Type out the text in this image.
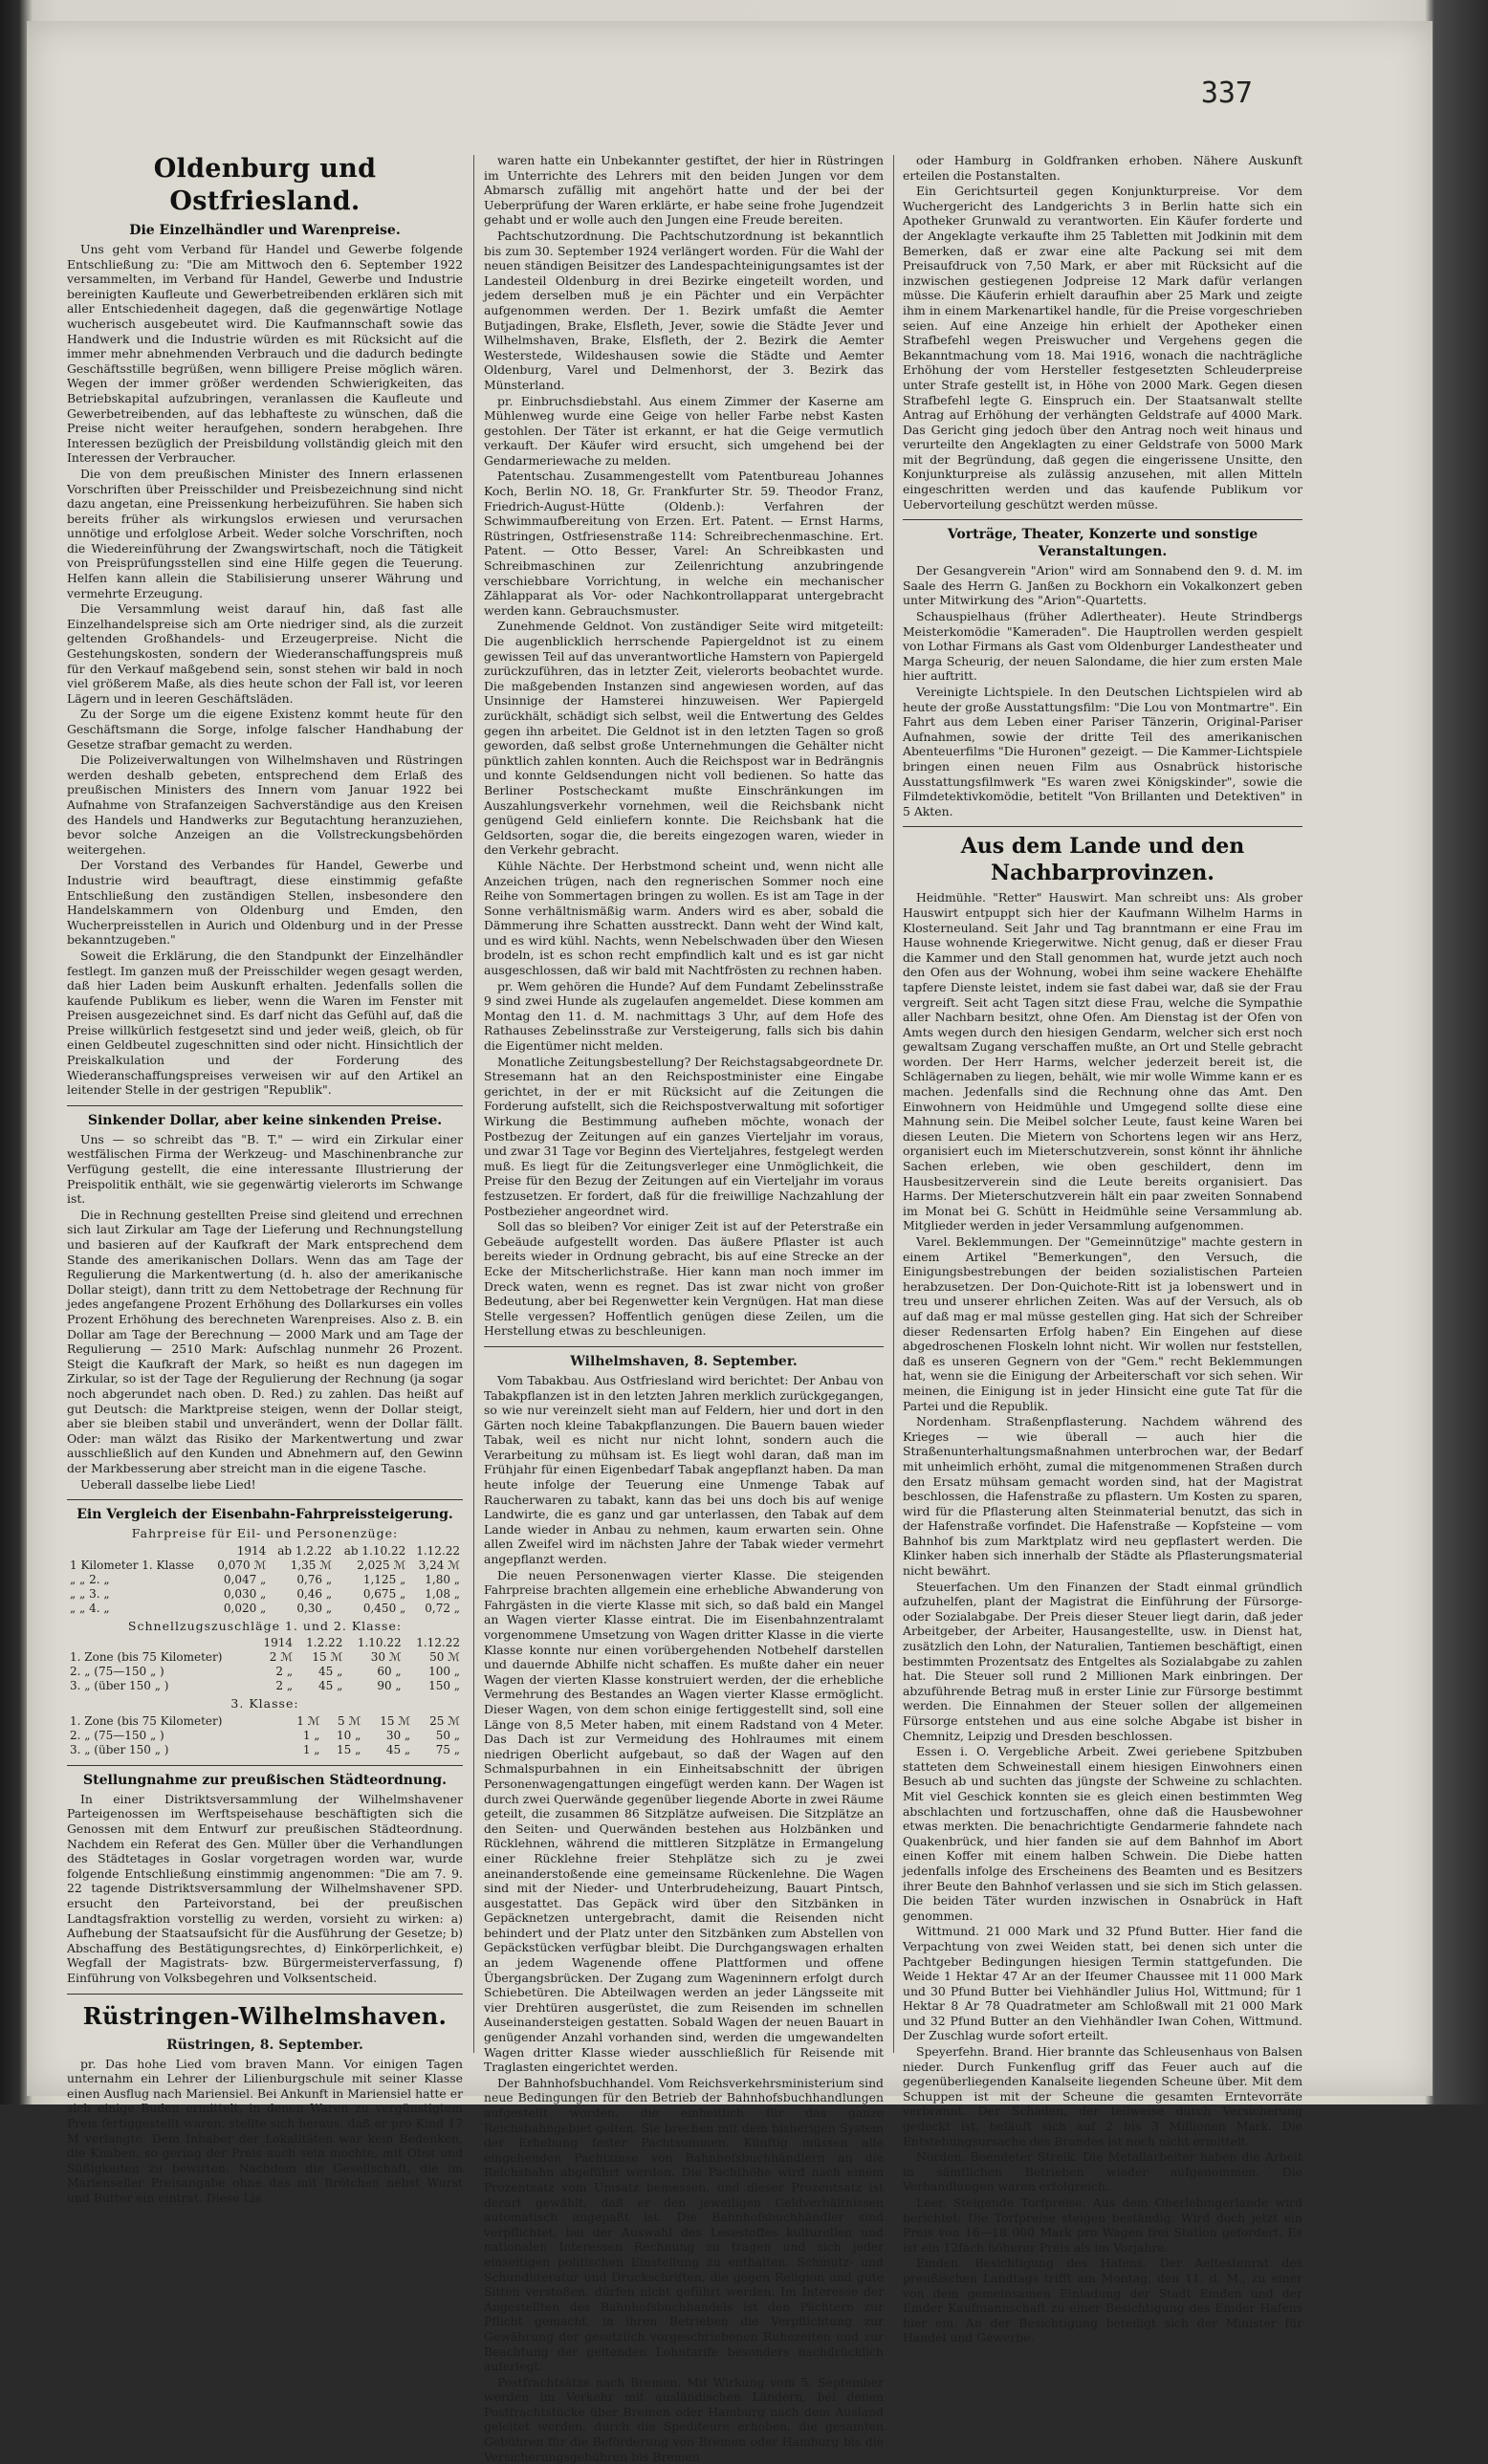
337
Oldenburg und Ostfriesland.
Die Einzelhändler und Warenpreise.

Uns geht vom Verband für Handel und Gewerbe folgende Entschließung zu: "Die am Mittwoch den 6. September 1922 versammelten, im Verband für Handel, Gewerbe und Industrie bereinigten Kaufleute und Gewerbetreibenden erklären sich mit aller Entschiedenheit dagegen, daß die gegenwärtige Notlage wucherisch ausgebeutet wird. Die Kaufmannschaft sowie das Handwerk und die Industrie würden es mit Rücksicht auf die immer mehr abnehmenden Verbrauch und die dadurch bedingte Geschäftsstille begrüßen, wenn billigere Preise möglich wären. Wegen der immer größer werdenden Schwierigkeiten, das Betriebskapital aufzubringen, veranlassen die Kaufleute und Gewerbetreibenden, auf das lebhafteste zu wünschen, daß die Preise nicht weiter heraufgehen, sondern herabgehen. Ihre Interessen bezüglich der Preisbildung vollständig gleich mit den Interessen der Verbraucher.

Die von dem preußischen Minister des Innern erlassenen Vorschriften über Preisschilder und Preisbezeichnung sind nicht dazu angetan, eine Preissenkung herbeizuführen. Sie haben sich bereits früher als wirkungslos erwiesen und verursachen unnötige und erfolglose Arbeit. Weder solche Vorschriften, noch die Wiedereinführung der Zwangswirtschaft, noch die Tätigkeit von Preisprüfungsstellen sind eine Hilfe gegen die Teuerung. Helfen kann allein die Stabilisierung unserer Währung und vermehrte Erzeugung.

Die Versammlung weist darauf hin, daß fast alle Einzelhandelspreise sich am Orte niedriger sind, als die zurzeit geltenden Großhandels- und Erzeugerpreise. Nicht die Gestehungskosten, sondern der Wiederanschaffungspreis muß für den Verkauf maßgebend sein, sonst stehen wir bald in noch viel größerem Maße, als dies heute schon der Fall ist, vor leeren Lägern und in leeren Geschäftsläden.

Zu der Sorge um die eigene Existenz kommt heute für den Geschäftsmann die Sorge, infolge falscher Handhabung der Gesetze strafbar gemacht zu werden.

Die Polizeiverwaltungen von Wilhelmshaven und Rüstringen werden deshalb gebeten, entsprechend dem Erlaß des preußischen Ministers des Innern vom Januar 1922 bei Aufnahme von Strafanzeigen Sachverständige aus den Kreisen des Handels und Handwerks zur Begutachtung heranzuziehen, bevor solche Anzeigen an die Vollstreckungsbehörden weitergehen.

Der Vorstand des Verbandes für Handel, Gewerbe und Industrie wird beauftragt, diese einstimmig gefaßte Entschließung den zuständigen Stellen, insbesondere den Handelskammern von Oldenburg und Emden, den Wucherpreisstellen in Aurich und Oldenburg und in der Presse bekanntzugeben."

Soweit die Erklärung, die den Standpunkt der Einzelhändler festlegt. Im ganzen muß der Preisschilder wegen gesagt werden, daß hier Laden beim Auskunft erhalten. Jedenfalls sollen die kaufende Publikum es lieber, wenn die Waren im Fenster mit Preisen ausgezeichnet sind. Es darf nicht das Gefühl auf, daß die Preise willkürlich festgesetzt sind und jeder weiß, gleich, ob für einen Geldbeutel zugeschnitten sind oder nicht. Hinsichtlich der Preiskalkulation und der Forderung des Wiederanschaffungspreises verweisen wir auf den Artikel an leitender Stelle in der gestrigen "Republik".

Sinkender Dollar, aber keine sinkenden Preise.

Uns — so schreibt das "B. T." — wird ein Zirkular einer westfälischen Firma der Werkzeug- und Maschinenbranche zur Verfügung gestellt, die eine interessante Illustrierung der Preispolitik enthält, wie sie gegenwärtig vielerorts im Schwange ist.

Die in Rechnung gestellten Preise sind gleitend und errechnen sich laut Zirkular am Tage der Lieferung und Rechnungstellung und basieren auf der Kaufkraft der Mark entsprechend dem Stande des amerikanischen Dollars. Wenn das am Tage der Regulierung die Markentwertung (d. h. also der amerikanische Dollar steigt), dann tritt zu dem Nettobetrage der Rechnung für jedes angefangene Prozent Erhöhung des Dollarkurses ein volles Prozent Erhöhung des berechneten Warenpreises. Also z. B. ein Dollar am Tage der Berechnung — 2000 Mark und am Tage der Regulierung — 2510 Mark: Aufschlag nunmehr 26 Prozent. Steigt die Kaufkraft der Mark, so heißt es nun dagegen im Zirkular, so ist der Tage der Regulierung der Rechnung (ja sogar noch abgerundet nach oben. D. Red.) zu zahlen. Das heißt auf gut Deutsch: die Marktpreise steigen, wenn der Dollar steigt, aber sie bleiben stabil und unverändert, wenn der Dollar fällt. Oder: man wälzt das Risiko der Markentwertung und zwar ausschließlich auf den Kunden und Abnehmern auf, den Gewinn der Markbesserung aber streicht man in die eigene Tasche.

Ueberall dasselbe liebe Lied!

Ein Vergleich der Eisenbahn-Fahrpreissteigerung.
Fahrpreise für Eil- und Personenzüge:
	1914	ab 1.2.22	ab 1.10.22	1.12.22
1 Kilometer 1. Klasse	0,070 ℳ	1,35 ℳ	2,025 ℳ	3,24 ℳ
„ „ 2. „	0,047 „	0,76 „	1,125 „	1,80 „
„ „ 3. „	0,030 „	0,46 „	0,675 „	1,08 „
„ „ 4. „	0,020 „	0,30 „	0,450 „	0,72 „
Schnellzugszuschläge 1. und 2. Klasse:
	1914	1.2.22	1.10.22	1.12.22
1. Zone (bis 75 Kilometer)	2 ℳ	15 ℳ	30 ℳ	50 ℳ
2. „ (75—150 „ )	2 „	45 „	60 „	100 „
3. „ (über 150 „ )	2 „	45 „	90 „	150 „
3. Klasse:
1. Zone (bis 75 Kilometer)	1 ℳ	5 ℳ	15 ℳ	25 ℳ
2. „ (75—150 „ )	1 „	10 „	30 „	50 „
3. „ (über 150 „ )	1 „	15 „	45 „	75 „
Stellungnahme zur preußischen Städteordnung.

In einer Distriktsversammlung der Wilhelmshavener Parteigenossen im Werftspeisehause beschäftigten sich die Genossen mit dem Entwurf zur preußischen Städteordnung. Nachdem ein Referat des Gen. Müller über die Verhandlungen des Städtetages in Goslar vorgetragen worden war, wurde folgende Entschließung einstimmig angenommen: "Die am 7. 9. 22 tagende Distriktsversammlung der Wilhelmshavener SPD. ersucht den Parteivorstand, bei der preußischen Landtagsfraktion vorstellig zu werden, vorsieht zu wirken: a) Aufhebung der Staatsaufsicht für die Ausführung der Gesetze; b) Abschaffung des Bestätigungsrechtes, d) Einkörperlichkeit, e) Wegfall der Magistrats- bzw. Bürgermeisterverfassung, f) Einführung von Volksbegehren und Volksentscheid.

Rüstringen-Wilhelmshaven.
Rüstringen, 8. September.

pr. Das hohe Lied vom braven Mann. Vor einigen Tagen unternahm ein Lehrer der Lilienburgschule mit seiner Klasse einen Ausflug nach Mariensiel. Bei Ankunft in Mariensiel hatte er sich einige Buden ermittelt, in denen Waren zu vergünstigtem Preis fertiggestellt waren, stellte sich heraus, daß er pro Kind 17 M verlangte. Dem Inhaber der Lokalitäten war kein Bedenken, die Knaben, so gering der Preis auch sein mochte, mit Obst und Süßigkeiten zu bewirten. Nachdem die Gesellschaft, die im Marienseller Preisangabe ohne das mit Brötchen nebst Wurst und Butter ein eintrat. Diese Lis

waren hatte ein Unbekannter gestiftet, der hier in Rüstringen im Unterrichte des Lehrers mit den beiden Jungen vor dem Abmarsch zufällig mit angehört hatte und der bei der Ueberprüfung der Waren erklärte, er habe seine frohe Jugendzeit gehabt und er wolle auch den Jungen eine Freude bereiten.

Pachtschutzordnung. Die Pachtschutzordnung ist bekanntlich bis zum 30. September 1924 verlängert worden. Für die Wahl der neuen ständigen Beisitzer des Landespachteinigungsamtes ist der Landesteil Oldenburg in drei Bezirke eingeteilt worden, und jedem derselben muß je ein Pächter und ein Verpächter aufgenommen werden. Der 1. Bezirk umfaßt die Aemter Butjadingen, Brake, Elsfleth, Jever, sowie die Städte Jever und Wilhelmshaven, Brake, Elsfleth, der 2. Bezirk die Aemter Westerstede, Wildeshausen sowie die Städte und Aemter Oldenburg, Varel und Delmenhorst, der 3. Bezirk das Münsterland.

pr. Einbruchsdiebstahl. Aus einem Zimmer der Kaserne am Mühlenweg wurde eine Geige von heller Farbe nebst Kasten gestohlen. Der Täter ist erkannt, er hat die Geige vermutlich verkauft. Der Käufer wird ersucht, sich umgehend bei der Gendarmeriewache zu melden.

Patentschau. Zusammengestellt vom Patentbureau Johannes Koch, Berlin NO. 18, Gr. Frankfurter Str. 59. Theodor Franz, Friedrich-August-Hütte (Oldenb.): Verfahren der Schwimmaufbereitung von Erzen. Ert. Patent. — Ernst Harms, Rüstringen, Ostfriesenstraße 114: Schreibrechenmaschine. Ert. Patent. — Otto Besser, Varel: An Schreibkasten und Schreibmaschinen zur Zeilenrichtung anzubringende verschiebbare Vorrichtung, in welche ein mechanischer Zählapparat als Vor- oder Nachkontrollapparat untergebracht werden kann. Gebrauchsmuster.

Zunehmende Geldnot. Von zuständiger Seite wird mitgeteilt: Die augenblicklich herrschende Papiergeldnot ist zu einem gewissen Teil auf das unverantwortliche Hamstern von Papiergeld zurückzuführen, das in letzter Zeit, vielerorts beobachtet wurde. Die maßgebenden Instanzen sind angewiesen worden, auf das Unsinnige der Hamsterei hinzuweisen. Wer Papiergeld zurückhält, schädigt sich selbst, weil die Entwertung des Geldes gegen ihn arbeitet. Die Geldnot ist in den letzten Tagen so groß geworden, daß selbst große Unternehmungen die Gehälter nicht pünktlich zahlen konnten. Auch die Reichspost war in Bedrängnis und konnte Geldsendungen nicht voll bedienen. So hatte das Berliner Postscheckamt mußte Einschränkungen im Auszahlungsverkehr vornehmen, weil die Reichsbank nicht genügend Geld einliefern konnte. Die Reichsbank hat die Geldsorten, sogar die, die bereits eingezogen waren, wieder in den Verkehr gebracht.

Kühle Nächte. Der Herbstmond scheint und, wenn nicht alle Anzeichen trügen, nach den regnerischen Sommer noch eine Reihe von Sommertagen bringen zu wollen. Es ist am Tage in der Sonne verhältnismäßig warm. Anders wird es aber, sobald die Dämmerung ihre Schatten ausstreckt. Dann weht der Wind kalt, und es wird kühl. Nachts, wenn Nebelschwaden über den Wiesen brodeln, ist es schon recht empfindlich kalt und es ist gar nicht ausgeschlossen, daß wir bald mit Nachtfrösten zu rechnen haben.

pr. Wem gehören die Hunde? Auf dem Fundamt Zebelinsstraße 9 sind zwei Hunde als zugelaufen angemeldet. Diese kommen am Montag den 11. d. M. nachmittags 3 Uhr, auf dem Hofe des Rathauses Zebelinsstraße zur Versteigerung, falls sich bis dahin die Eigentümer nicht melden.

Monatliche Zeitungsbestellung? Der Reichstagsabgeordnete Dr. Stresemann hat an den Reichspostminister eine Eingabe gerichtet, in der er mit Rücksicht auf die Zeitungen die Forderung aufstellt, sich die Reichspostverwaltung mit sofortiger Wirkung die Bestimmung aufheben möchte, wonach der Postbezug der Zeitungen auf ein ganzes Vierteljahr im voraus, und zwar 31 Tage vor Beginn des Vierteljahres, festgelegt werden muß. Es liegt für die Zeitungsverleger eine Unmöglichkeit, die Preise für den Bezug der Zeitungen auf ein Vierteljahr im voraus festzusetzen. Er fordert, daß für die freiwillige Nachzahlung der Postbezieher angeordnet wird.

Soll das so bleiben? Vor einiger Zeit ist auf der Peterstraße ein Gebeäude aufgestellt worden. Das äußere Pflaster ist auch bereits wieder in Ordnung gebracht, bis auf eine Strecke an der Ecke der Mitscherlichstraße. Hier kann man noch immer im Dreck waten, wenn es regnet. Das ist zwar nicht von großer Bedeutung, aber bei Regenwetter kein Vergnügen. Hat man diese Stelle vergessen? Hoffentlich genügen diese Zeilen, um die Herstellung etwas zu beschleunigen.

Wilhelmshaven, 8. September.

Vom Tabakbau. Aus Ostfriesland wird berichtet: Der Anbau von Tabakpflanzen ist in den letzten Jahren merklich zurückgegangen, so wie nur vereinzelt sieht man auf Feldern, hier und dort in den Gärten noch kleine Tabakpflanzungen. Die Bauern bauen wieder Tabak, weil es nicht nur nicht lohnt, sondern auch die Verarbeitung zu mühsam ist. Es liegt wohl daran, daß man im Frühjahr für einen Eigenbedarf Tabak angepflanzt haben. Da man heute infolge der Teuerung eine Unmenge Tabak auf Raucherwaren zu tabakt, kann das bei uns doch bis auf wenige Landwirte, die es ganz und gar unterlassen, den Tabak auf dem Lande wieder in Anbau zu nehmen, kaum erwarten sein. Ohne allen Zweifel wird im nächsten Jahre der Tabak wieder vermehrt angepflanzt werden.

Die neuen Personenwagen vierter Klasse. Die steigenden Fahrpreise brachten allgemein eine erhebliche Abwanderung von Fahrgästen in die vierte Klasse mit sich, so daß bald ein Mangel an Wagen vierter Klasse eintrat. Die im Eisenbahnzentralamt vorgenommene Umsetzung von Wagen dritter Klasse in die vierte Klasse konnte nur einen vorübergehenden Notbehelf darstellen und dauernde Abhilfe nicht schaffen. Es mußte daher ein neuer Wagen der vierten Klasse konstruiert werden, der die erhebliche Vermehrung des Bestandes an Wagen vierter Klasse ermöglicht. Dieser Wagen, von dem schon einige fertiggestellt sind, soll eine Länge von 8,5 Meter haben, mit einem Radstand von 4 Meter. Das Dach ist zur Vermeidung des Hohlraumes mit einem niedrigen Oberlicht aufgebaut, so daß der Wagen auf den Schmalspurbahnen in ein Einheitsabschnitt der übrigen Personenwagengattungen eingefügt werden kann. Der Wagen ist durch zwei Querwände gegenüber liegende Aborte in zwei Räume geteilt, die zusammen 86 Sitzplätze aufweisen. Die Sitzplätze an den Seiten- und Querwänden bestehen aus Holzbänken und Rücklehnen, während die mittleren Sitzplätze in Ermangelung einer Rücklehne freier Stehplätze sich zu je zwei aneinanderstoßende eine gemeinsame Rückenlehne. Die Wagen sind mit der Nieder- und Unterbrudeheizung, Bauart Pintsch, ausgestattet. Das Gepäck wird über den Sitzbänken in Gepäcknetzen untergebracht, damit die Reisenden nicht behindert und der Platz unter den Sitzbänken zum Abstellen von Gepäckstücken verfügbar bleibt. Die Durchgangswagen erhalten an jedem Wagenende offene Plattformen und offene Übergangsbrücken. Der Zugang zum Wageninnern erfolgt durch Schiebetüren. Die Abteilwagen werden an jeder Längsseite mit vier Drehtüren ausgerüstet, die zum Reisenden im schnellen Auseinandersteigen gestatten. Sobald Wagen der neuen Bauart in genügender Anzahl vorhanden sind, werden die umgewandelten Wagen dritter Klasse wieder ausschließlich für Reisende mit Traglasten eingerichtet werden.

Der Bahnhofsbuchhandel. Vom Reichsverkehrsministerium sind neue Bedingungen für den Betrieb der Bahnhofsbuchhandlungen aufgestellt worden, die einheitlich für das ganze Reichsbahngebiet gelten. Sie brechen mit dem bisherigen System der Erhebung fester Pachtsummen. Künftig müssen alle eingehenden Pachtzinse von Bahnhofsbuchhändlern an die Reichsbahn abgeführt werden. Die Pachthöhe wird nach einem Prozentsatz vom Umsatz bemessen, und dieser Prozentsatz ist derart gewählt, daß er den jeweiligen Geldverhältnissen automatisch angepaßt ist. Die Bahnhofsbuchhändler sind verpflichtet, bei der Auswahl des Lesestoffes kulturellen und nationalen Interessen Rechnung zu tragen und sich jeder einseitigen politischen Einstellung zu enthalten. Schmutz- und Schundliteratur und Druckschriften, die gegen Religion und gute Sitten verstoßen, dürfen nicht geführt werden. Im Interesse der Angestellten des Bahnhofsbuchhandels ist den Pächtern zur Pflicht gemacht, in ihren Betrieben die Verpflichtung zur Gewährung der gesetzlich vorgeschriebenen Ruhezeiten und zur Beachtung der geltenden Lohntarife besonders nachdrücklich auferlegt.

Postfrachtsätze nach Bremen. Mit Wirkung vom 5. September werden im Verkehr mit ausländischen Ländern, bei denen Postfrachtstücke über Bremen oder Hamburg nach dem Ausland geleitet werden, durch die Spediteure erhoben, die gesamten Gebühren für die Beförderung von Bremen oder Hamburg bis die Versicherungsgebühren bis Bremen

oder Hamburg in Goldfranken erhoben. Nähere Auskunft erteilen die Postanstalten.

Ein Gerichtsurteil gegen Konjunkturpreise. Vor dem Wuchergericht des Landgerichts 3 in Berlin hatte sich ein Apotheker Grunwald zu verantworten. Ein Käufer forderte und der Angeklagte verkaufte ihm 25 Tabletten mit Jodkinin mit dem Bemerken, daß er zwar eine alte Packung sei mit dem Preisaufdruck von 7,50 Mark, er aber mit Rücksicht auf die inzwischen gestiegenen Jodpreise 12 Mark dafür verlangen müsse. Die Käuferin erhielt daraufhin aber 25 Mark und zeigte ihm in einem Markenartikel handle, für die Preise vorgeschrieben seien. Auf eine Anzeige hin erhielt der Apotheker einen Strafbefehl wegen Preiswucher und Vergehens gegen die Bekanntmachung vom 18. Mai 1916, wonach die nachträgliche Erhöhung der vom Hersteller festgesetzten Schleuderpreise unter Strafe gestellt ist, in Höhe von 2000 Mark. Gegen diesen Strafbefehl legte G. Einspruch ein. Der Staatsanwalt stellte Antrag auf Erhöhung der verhängten Geldstrafe auf 4000 Mark. Das Gericht ging jedoch über den Antrag noch weit hinaus und verurteilte den Angeklagten zu einer Geldstrafe von 5000 Mark mit der Begründung, daß gegen die eingerissene Unsitte, den Konjunkturpreise als zulässig anzusehen, mit allen Mitteln eingeschritten werden und das kaufende Publikum vor Uebervorteilung geschützt werden müsse.

Vorträge, Theater, Konzerte und sonstige Veranstaltungen.

Der Gesangverein "Arion" wird am Sonnabend den 9. d. M. im Saale des Herrn G. Janßen zu Bockhorn ein Vokalkonzert geben unter Mitwirkung des "Arion"-Quartetts.

Schauspielhaus (früher Adlertheater). Heute Strindbergs Meisterkomödie "Kameraden". Die Hauptrollen werden gespielt von Lothar Firmans als Gast vom Oldenburger Landestheater und Marga Scheurig, der neuen Salondame, die hier zum ersten Male hier auftritt.

Vereinigte Lichtspiele. In den Deutschen Lichtspielen wird ab heute der große Ausstattungsfilm: "Die Lou von Montmartre". Ein Fahrt aus dem Leben einer Pariser Tänzerin, Original-Pariser Aufnahmen, sowie der dritte Teil des amerikanischen Abenteuerfilms "Die Huronen" gezeigt. — Die Kammer-Lichtspiele bringen einen neuen Film aus Osnabrück historische Ausstattungsfilmwerk "Es waren zwei Königskinder", sowie die Filmdetektivkomödie, betitelt "Von Brillanten und Detektiven" in 5 Akten.

Aus dem Lande und den Nachbarprovinzen.

Heidmühle. "Retter" Hauswirt. Man schreibt uns: Als grober Hauswirt entpuppt sich hier der Kaufmann Wilhelm Harms in Klosterneuland. Seit Jahr und Tag branntmann er eine Frau im Hause wohnende Kriegerwitwe. Nicht genug, daß er dieser Frau die Kammer und den Stall genommen hat, wurde jetzt auch noch den Ofen aus der Wohnung, wobei ihm seine wackere Ehehälfte tapfere Dienste leistet, indem sie fast dabei war, daß sie der Frau vergreift. Seit acht Tagen sitzt diese Frau, welche die Sympathie aller Nachbarn besitzt, ohne Ofen. Am Dienstag ist der Ofen von Amts wegen durch den hiesigen Gendarm, welcher sich erst noch gewaltsam Zugang verschaffen mußte, an Ort und Stelle gebracht worden. Der Herr Harms, welcher jederzeit bereit ist, die Schlägernaben zu liegen, behält, wie mir wolle Wimme kann er es machen. Jedenfalls sind die Rechnung ohne das Amt. Den Einwohnern von Heidmühle und Umgegend sollte diese eine Mahnung sein. Die Meibel solcher Leute, faust keine Waren bei diesen Leuten. Die Mietern von Schortens legen wir ans Herz, organisiert euch im Mieterschutzverein, sonst könnt ihr ähnliche Sachen erleben, wie oben geschildert, denn im Hausbesitzerverein sind die Leute bereits organisiert. Das Harms. Der Mieterschutzverein hält ein paar zweiten Sonnabend im Monat bei G. Schütt in Heidmühle seine Versammlung ab. Mitglieder werden in jeder Versammlung aufgenommen.

Varel. Beklemmungen. Der "Gemeinnützige" machte gestern in einem Artikel "Bemerkungen", den Versuch, die Einigungsbestrebungen der beiden sozialistischen Parteien herabzusetzen. Der Don-Quichote-Ritt ist ja lobenswert und in treu und unserer ehrlichen Zeiten. Was auf der Versuch, als ob auf daß mag er mal müsse gestellen ging. Hat sich der Schreiber dieser Redensarten Erfolg haben? Ein Eingehen auf diese abgedroschenen Floskeln lohnt nicht. Wir wollen nur feststellen, daß es unseren Gegnern von der "Gem." recht Beklemmungen hat, wenn sie die Einigung der Arbeiterschaft vor sich sehen. Wir meinen, die Einigung ist in jeder Hinsicht eine gute Tat für die Partei und die Republik.

Nordenham. Straßenpflasterung. Nachdem während des Krieges — wie überall — auch hier die Straßenunterhaltungsmaßnahmen unterbrochen war, der Bedarf mit unheimlich erhöht, zumal die mitgenommenen Straßen durch den Ersatz mühsam gemacht worden sind, hat der Magistrat beschlossen, die Hafenstraße zu pflastern. Um Kosten zu sparen, wird für die Pflasterung alten Steinmaterial benutzt, das sich in der Hafenstraße vorfindet. Die Hafenstraße — Kopfsteine — vom Bahnhof bis zum Marktplatz wird neu gepflastert werden. Die Klinker haben sich innerhalb der Städte als Pflasterungsmaterial nicht bewährt.

Steuerfachen. Um den Finanzen der Stadt einmal gründlich aufzuhelfen, plant der Magistrat die Einführung der Fürsorge- oder Sozialabgabe. Der Preis dieser Steuer liegt darin, daß jeder Arbeitgeber, der Arbeiter, Hausangestellte, usw. in Dienst hat, zusätzlich den Lohn, der Naturalien, Tantiemen beschäftigt, einen bestimmten Prozentsatz des Entgeltes als Sozialabgabe zu zahlen hat. Die Steuer soll rund 2 Millionen Mark einbringen. Der abzuführende Betrag muß in erster Linie zur Fürsorge bestimmt werden. Die Einnahmen der Steuer sollen der allgemeinen Fürsorge entstehen und aus eine solche Abgabe ist bisher in Chemnitz, Leipzig und Dresden beschlossen.

Essen i. O. Vergebliche Arbeit. Zwei geriebene Spitzbuben statteten dem Schweinestall einem hiesigen Einwohners einen Besuch ab und suchten das jüngste der Schweine zu schlachten. Mit viel Geschick konnten sie es gleich einen bestimmten Weg abschlachten und fortzuschaffen, ohne daß die Hausbewohner etwas merkten. Die benachrichtigte Gendarmerie fahndete nach Quakenbrück, und hier fanden sie auf dem Bahnhof im Abort einen Koffer mit einem halben Schwein. Die Diebe hatten jedenfalls infolge des Erscheinens des Beamten und es Besitzers ihrer Beute den Bahnhof verlassen und sie sich im Stich gelassen. Die beiden Täter wurden inzwischen in Osnabrück in Haft genommen.

Wittmund. 21 000 Mark und 32 Pfund Butter. Hier fand die Verpachtung von zwei Weiden statt, bei denen sich unter die Pachtgeber Bedingungen hiesigen Termin stattgefunden. Die Weide 1 Hektar 47 Ar an der Ifeumer Chaussee mit 11 000 Mark und 30 Pfund Butter bei Viehhändler Julius Hol, Wittmund; für 1 Hektar 8 Ar 78 Quadratmeter am Schloßwall mit 21 000 Mark und 32 Pfund Butter an den Viehhändler Iwan Cohen, Wittmund. Der Zuschlag wurde sofort erteilt.

Speyerfehn. Brand. Hier brannte das Schleusenhaus von Balsen nieder. Durch Funkenflug griff das Feuer auch auf die gegenüberliegenden Kanalseite liegenden Scheune über. Mit dem Schuppen ist mit der Scheune die gesamten Erntevorräte verbrannt. Der Schaden, der teilweise durch Versicherung gedeckt ist, beläuft sich auf 2 bis 3 Millionen Mark. Die Entstehungsursache des Brandes ist noch nicht ermittelt.

Norden. Beendeter Streik. Die Metallarbeiter haben die Arbeit in sämtlichen Betrieben wieder aufgenommen. Die Verhandlungen waren erfolgreich.

Leer. Steigende Torfpreise. Aus dem Oberlebingerlande wird berichtet: Die Torfpreise steigen beständig. Wird doch jetzt ein Preis von 16—18 000 Mark pro Wagen frei Station gefordert. Es ist ein 12fach höherer Preis als im Vorjahre.

Emden. Besichtigung des Hafens. Der Aeltestenrat des preußischen Landtags trifft am Montag, den 11. d. M., zu einer von dem gemeinsamen Einladung der Stadt Emden und der Emder Kaufmannschaft zu einer Besichtigung des Emder Hafens hier ein. An der Besichtigung beteiligt sich der Minister für Handel und Gewerbe.
